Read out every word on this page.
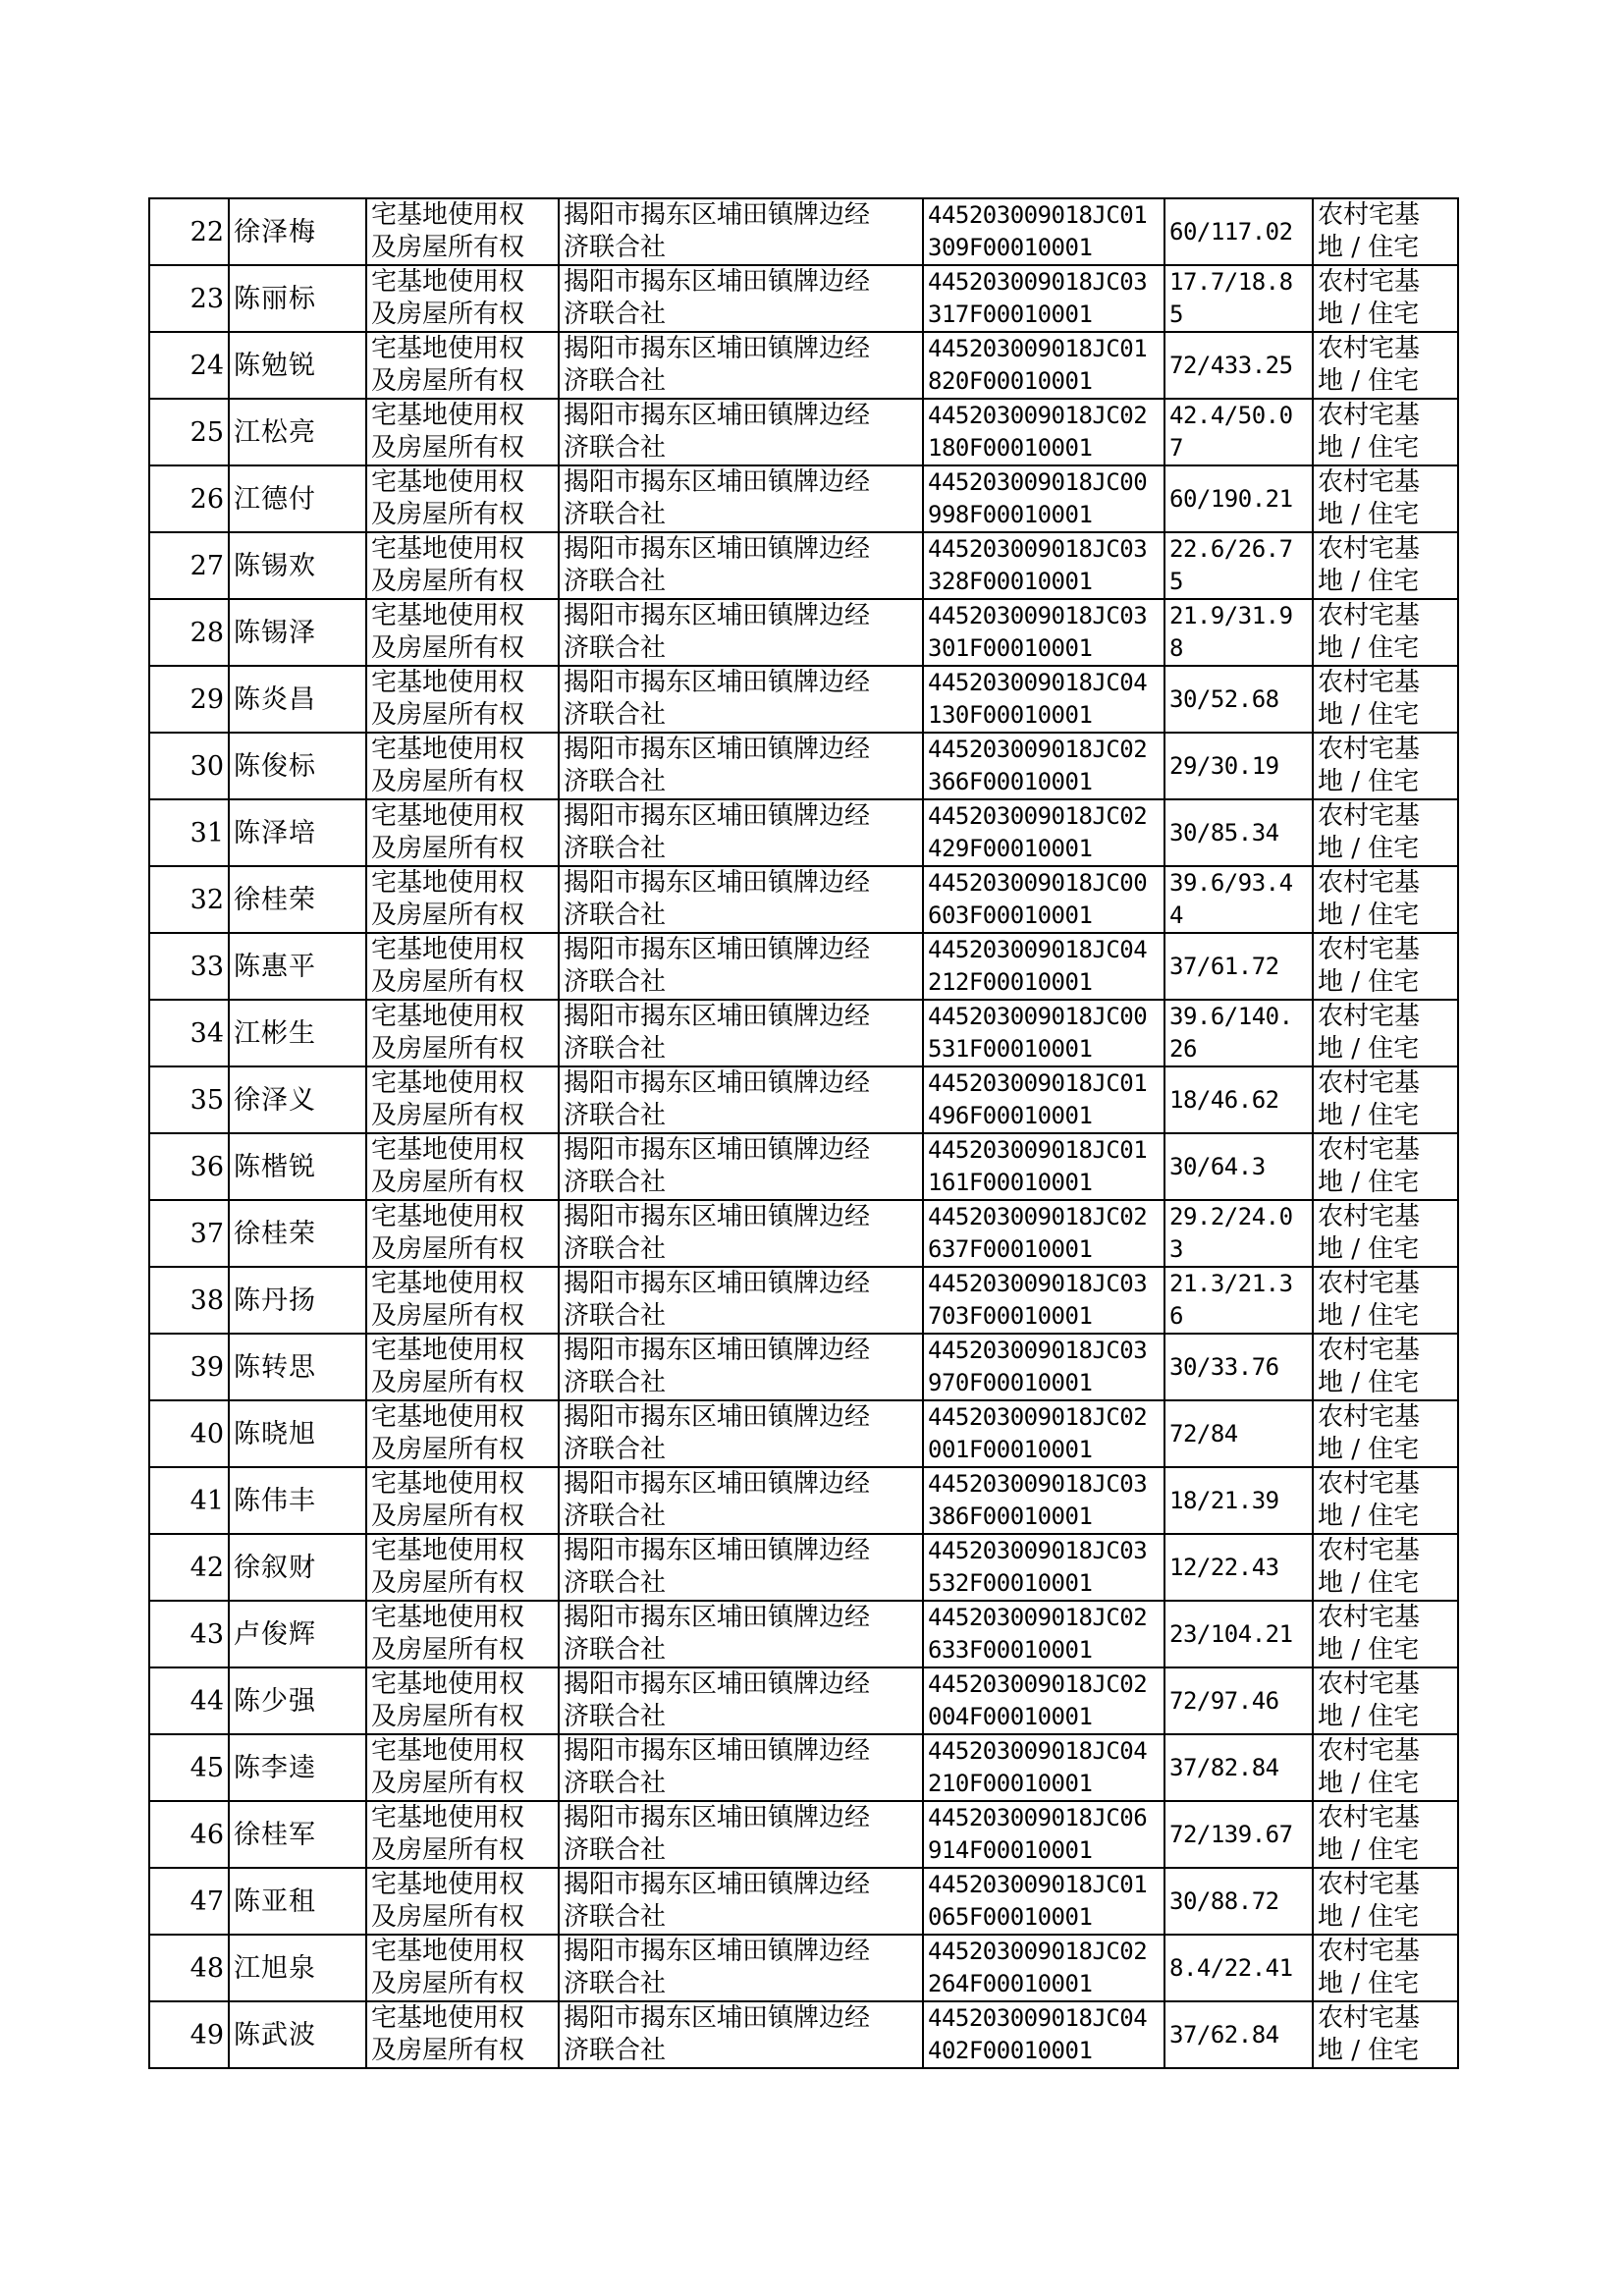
22	徐泽梅	宅基地使用权
及房屋所有权	揭阳市揭东区埔田镇牌边经
济联合社	445203009018JC01
309F00010001	60/117.02	农村宅基
地 / 住宅

23	陈丽标	宅基地使用权
及房屋所有权	揭阳市揭东区埔田镇牌边经
济联合社	445203009018JC03
317F00010001	17.7/18.8
5	农村宅基
地 / 住宅

24	陈勉锐	宅基地使用权
及房屋所有权	揭阳市揭东区埔田镇牌边经
济联合社	445203009018JC01
820F00010001	72/433.25	农村宅基
地 / 住宅

25	江松亮	宅基地使用权
及房屋所有权	揭阳市揭东区埔田镇牌边经
济联合社	445203009018JC02
180F00010001	42.4/50.0
7	农村宅基
地 / 住宅

26	江德付	宅基地使用权
及房屋所有权	揭阳市揭东区埔田镇牌边经
济联合社	445203009018JC00
998F00010001	60/190.21	农村宅基
地 / 住宅

27	陈锡欢	宅基地使用权
及房屋所有权	揭阳市揭东区埔田镇牌边经
济联合社	445203009018JC03
328F00010001	22.6/26.7
5	农村宅基
地 / 住宅

28	陈锡泽	宅基地使用权
及房屋所有权	揭阳市揭东区埔田镇牌边经
济联合社	445203009018JC03
301F00010001	21.9/31.9
8	农村宅基
地 / 住宅

29	陈炎昌	宅基地使用权
及房屋所有权	揭阳市揭东区埔田镇牌边经
济联合社	445203009018JC04
130F00010001	30/52.68	农村宅基
地 / 住宅

30	陈俊标	宅基地使用权
及房屋所有权	揭阳市揭东区埔田镇牌边经
济联合社	445203009018JC02
366F00010001	29/30.19	农村宅基
地 / 住宅

31	陈泽培	宅基地使用权
及房屋所有权	揭阳市揭东区埔田镇牌边经
济联合社	445203009018JC02
429F00010001	30/85.34	农村宅基
地 / 住宅

32	徐桂荣	宅基地使用权
及房屋所有权	揭阳市揭东区埔田镇牌边经
济联合社	445203009018JC00
603F00010001	39.6/93.4
4	农村宅基
地 / 住宅

33	陈惠平	宅基地使用权
及房屋所有权	揭阳市揭东区埔田镇牌边经
济联合社	445203009018JC04
212F00010001	37/61.72	农村宅基
地 / 住宅

34	江彬生	宅基地使用权
及房屋所有权	揭阳市揭东区埔田镇牌边经
济联合社	445203009018JC00
531F00010001	39.6/140.
26	农村宅基
地 / 住宅

35	徐泽义	宅基地使用权
及房屋所有权	揭阳市揭东区埔田镇牌边经
济联合社	445203009018JC01
496F00010001	18/46.62	农村宅基
地 / 住宅

36	陈楷锐	宅基地使用权
及房屋所有权	揭阳市揭东区埔田镇牌边经
济联合社	445203009018JC01
161F00010001	30/64.3	农村宅基
地 / 住宅

37	徐桂荣	宅基地使用权
及房屋所有权	揭阳市揭东区埔田镇牌边经
济联合社	445203009018JC02
637F00010001	29.2/24.0
3	农村宅基
地 / 住宅

38	陈丹扬	宅基地使用权
及房屋所有权	揭阳市揭东区埔田镇牌边经
济联合社	445203009018JC03
703F00010001	21.3/21.3
6	农村宅基
地 / 住宅

39	陈转思	宅基地使用权
及房屋所有权	揭阳市揭东区埔田镇牌边经
济联合社	445203009018JC03
970F00010001	30/33.76	农村宅基
地 / 住宅

40	陈晓旭	宅基地使用权
及房屋所有权	揭阳市揭东区埔田镇牌边经
济联合社	445203009018JC02
001F00010001	72/84	农村宅基
地 / 住宅

41	陈伟丰	宅基地使用权
及房屋所有权	揭阳市揭东区埔田镇牌边经
济联合社	445203009018JC03
386F00010001	18/21.39	农村宅基
地 / 住宅

42	徐叙财	宅基地使用权
及房屋所有权	揭阳市揭东区埔田镇牌边经
济联合社	445203009018JC03
532F00010001	12/22.43	农村宅基
地 / 住宅

43	卢俊辉	宅基地使用权
及房屋所有权	揭阳市揭东区埔田镇牌边经
济联合社	445203009018JC02
633F00010001	23/104.21	农村宅基
地 / 住宅

44	陈少强	宅基地使用权
及房屋所有权	揭阳市揭东区埔田镇牌边经
济联合社	445203009018JC02
004F00010001	72/97.46	农村宅基
地 / 住宅

45	陈李逵	宅基地使用权
及房屋所有权	揭阳市揭东区埔田镇牌边经
济联合社	445203009018JC04
210F00010001	37/82.84	农村宅基
地 / 住宅

46	徐桂军	宅基地使用权
及房屋所有权	揭阳市揭东区埔田镇牌边经
济联合社	445203009018JC06
914F00010001	72/139.67	农村宅基
地 / 住宅

47	陈亚租	宅基地使用权
及房屋所有权	揭阳市揭东区埔田镇牌边经
济联合社	445203009018JC01
065F00010001	30/88.72	农村宅基
地 / 住宅

48	江旭泉	宅基地使用权
及房屋所有权	揭阳市揭东区埔田镇牌边经
济联合社	445203009018JC02
264F00010001	8.4/22.41	农村宅基
地 / 住宅

49	陈武波	宅基地使用权
及房屋所有权	揭阳市揭东区埔田镇牌边经
济联合社	445203009018JC04
402F00010001	37/62.84	农村宅基
地 / 住宅
